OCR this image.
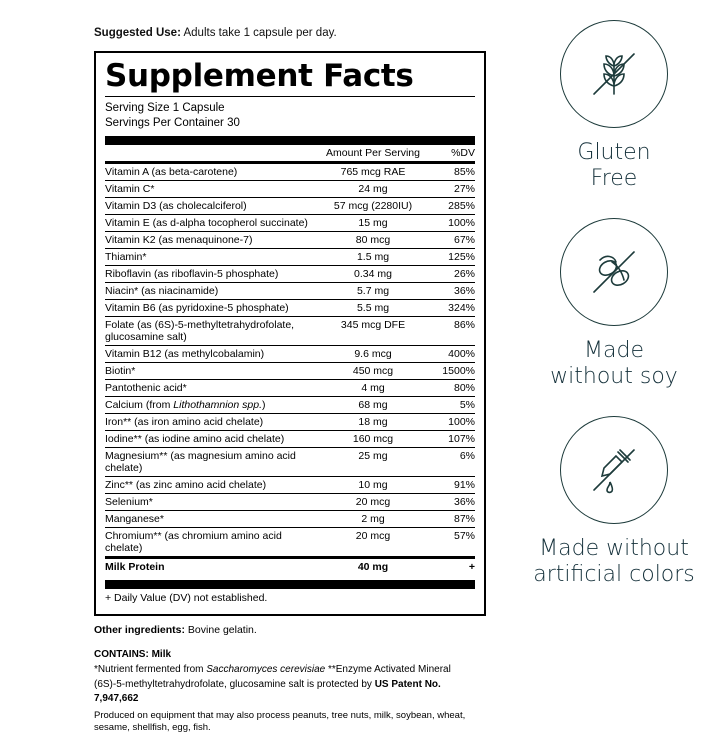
Suggested Use: Adults take 1 capsule per day.
Supplement Facts
Serving Size 1 Capsule
Servings Per Container 30
	Amount Per Serving	%DV
Vitamin A (as beta-carotene)	765 mcg RAE	85%
Vitamin C*	24 mg	27%
Vitamin D3 (as cholecalciferol)	57 mcg (2280IU)	285%
Vitamin E (as d-alpha tocopherol succinate)	15 mg	100%
Vitamin K2 (as menaquinone-7)	80 mcg	67%
Thiamin*	1.5 mg	125%
Riboflavin (as riboflavin-5 phosphate)	0.34 mg	26%
Niacin* (as niacinamide)	5.7 mg	36%
Vitamin B6 (as pyridoxine-5 phosphate)	5.5 mg	324%
Folate (as (6S)-5-methyltetrahydrofolate, glucosamine salt)	345 mcg DFE	86%
Vitamin B12 (as methylcobalamin)	9.6 mcg	400%
Biotin*	450 mcg	1500%
Pantothenic acid*	4 mg	80%
Calcium (from Lithothamnion spp.)	68 mg	5%
Iron** (as iron amino acid chelate)	18 mg	100%
Iodine** (as iodine amino acid chelate)	160 mcg	107%
Magnesium** (as magnesium amino acid chelate)	25 mg	6%
Zinc** (as zinc amino acid chelate)	10 mg	91%
Selenium*	20 mcg	36%
Manganese*	2 mg	87%
Chromium** (as chromium amino acid chelate)	20 mcg	57%
Milk Protein	40 mg	+
+ Daily Value (DV) not established.
Other ingredients: Bovine gelatin.
CONTAINS: Milk
*Nutrient fermented from Saccharomyces cerevisiae **Enzyme Activated Mineral
(6S)-5-methyltetrahydrofolate, glucosamine salt is protected by US Patent No. 7,947,662
Produced on equipment that may also process peanuts, tree nuts, milk, soybean, wheat, sesame, shellfish, egg, fish.
Gluten
Free
Made
without soy
Made without
artificial colors
